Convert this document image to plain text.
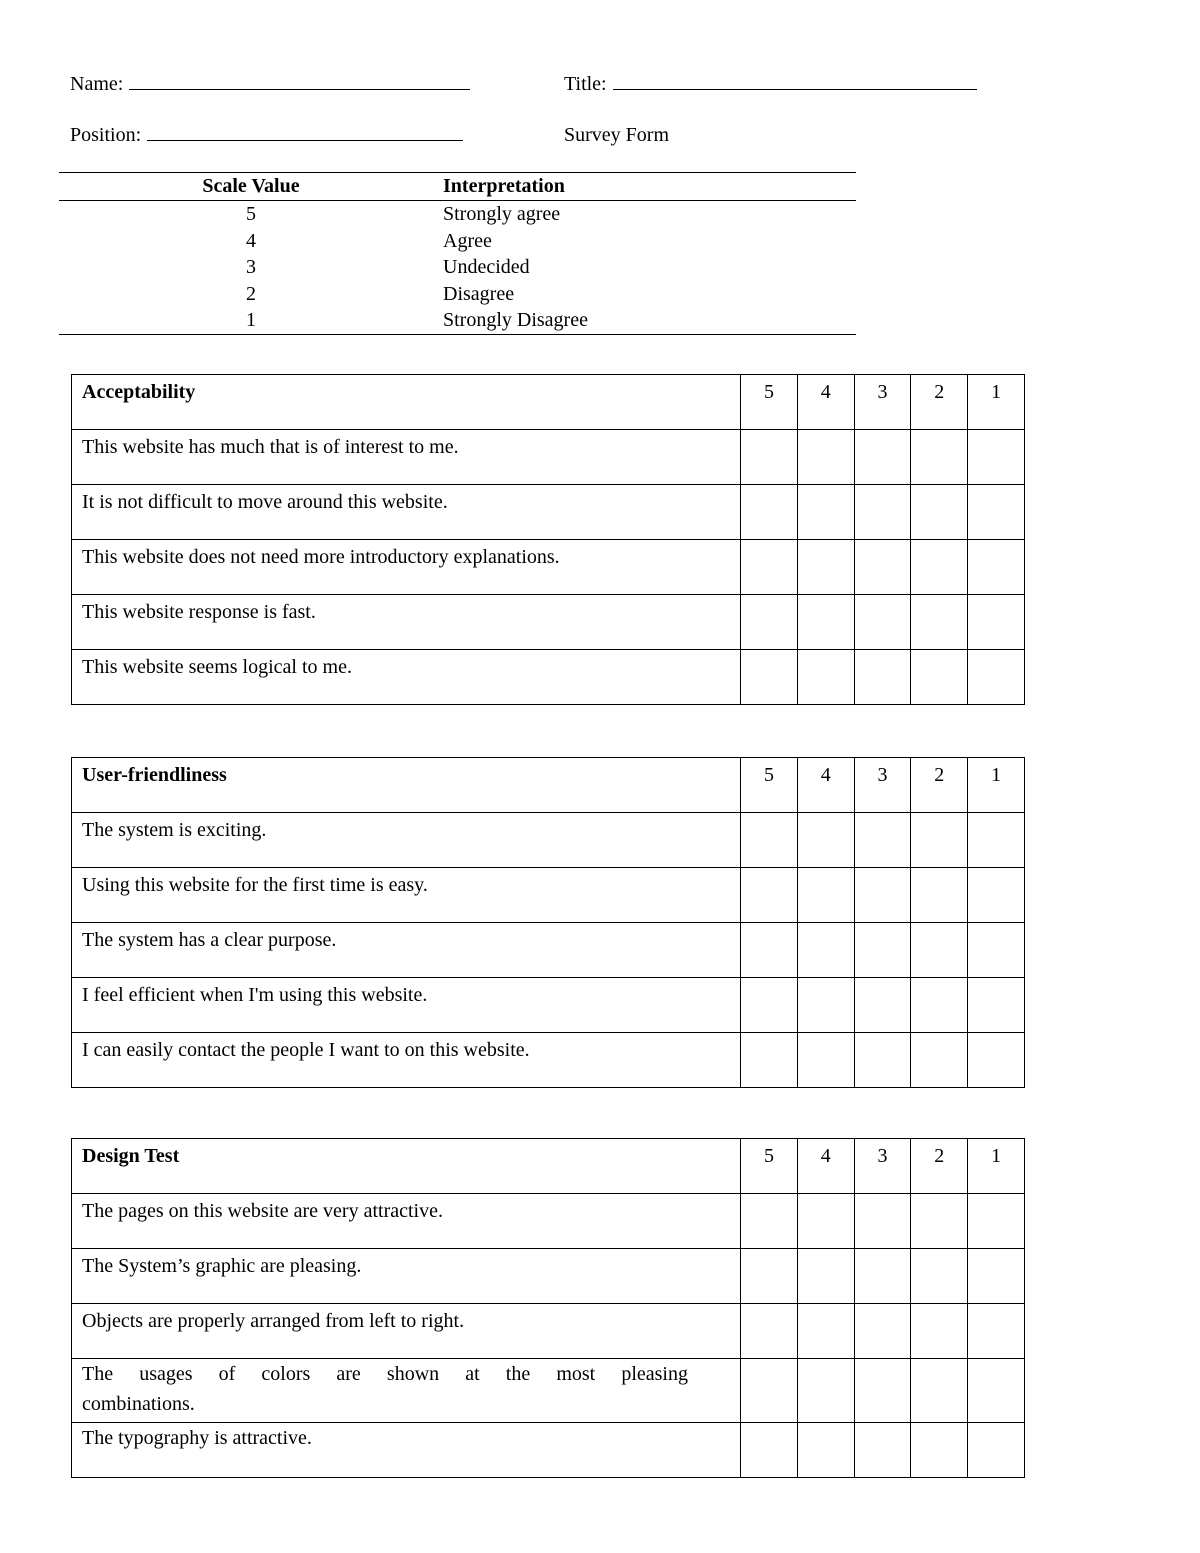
Name:	Title:
Position:	Survey Form
Scale Value	Interpretation
5	Strongly agree
4	Agree
3	Undecided
2	Disagree
1	Strongly Disagree
Acceptability	5	4	3	2	1
This website has much that is of interest to me.					
It is not difficult to move around this website.					
This website does not need more introductory explanations.					
This website response is fast.					
This website seems logical to me.					
User-friendliness	5	4	3	2	1
The system is exciting.					
Using this website for the first time is easy.					
The system has a clear purpose.					
I feel efficient when I'm using this website.					
I can easily contact the people I want to on this website.					
Design Test	5	4	3	2	1
The pages on this website are very attractive.					
The System’s graphic are pleasing.					
Objects are properly arranged from left to right.					

The usages of colors are shown at the most pleasing
combinations.					

The typography is attractive.					
